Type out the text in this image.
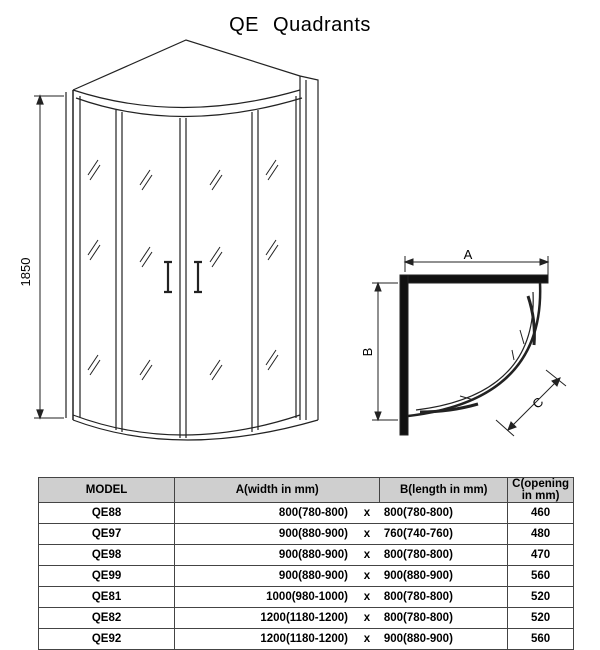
QE Quadrants
1850
A
B
C
MODEL	A(width in mm)		B(length in mm)	C(opening in mm)
QE88	800(780-800)	x	800(780-800)	460
QE97	900(880-900)	x	760(740-760)	480
QE98	900(880-900)	x	800(780-800)	470
QE99	900(880-900)	x	900(880-900)	560
QE81	1000(980-1000)	x	800(780-800)	520
QE82	1200(1180-1200)	x	800(780-800)	520
QE92	1200(1180-1200)	x	900(880-900)	560
